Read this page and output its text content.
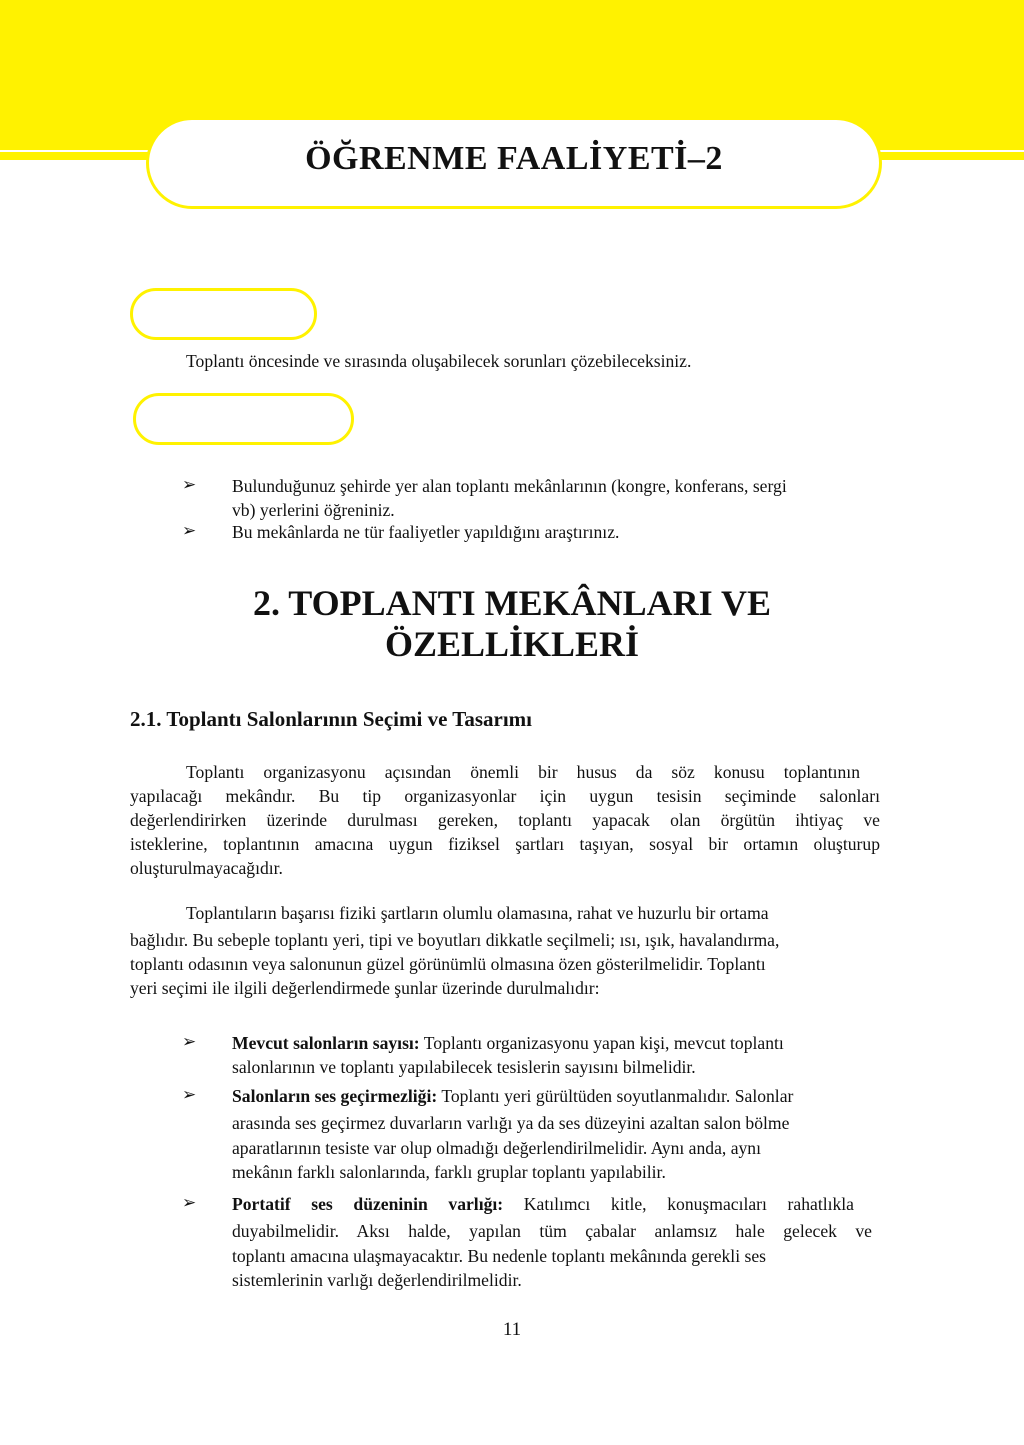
ÖĞRENME FAALİYETİ–2
Toplantı öncesinde ve sırasında oluşabilecek sorunları çözebileceksiniz.
➢ Bulunduğunuz şehirde yer alan toplantı mekânlarının (kongre, konferans, sergi
vb) yerlerini öğreniniz.
➢ Bu mekânlarda ne tür faaliyetler yapıldığını araştırınız.
2. TOPLANTI MEKÂNLARI VE
ÖZELLİKLERİ
2.1. Toplantı Salonlarının Seçimi ve Tasarımı
Toplantı organizasyonu açısından önemli bir husus da söz konusu toplantının
yapılacağı mekândır. Bu tip organizasyonlar için uygun tesisin seçiminde salonları
değerlendirirken üzerinde durulması gereken, toplantı yapacak olan örgütün ihtiyaç ve
isteklerine, toplantının amacına uygun fiziksel şartları taşıyan, sosyal bir ortamın oluşturup
oluşturulmayacağıdır.
Toplantıların başarısı fiziki şartların olumlu olamasına, rahat ve huzurlu bir ortama
bağlıdır. Bu sebeple toplantı yeri, tipi ve boyutları dikkatle seçilmeli; ısı, ışık, havalandırma,
toplantı odasının veya salonunun güzel görünümlü olmasına özen gösterilmelidir. Toplantı
yeri seçimi ile ilgili değerlendirmede şunlar üzerinde durulmalıdır:
➢ Mevcut salonların sayısı: Toplantı organizasyonu yapan kişi, mevcut toplantı
salonlarının ve toplantı yapılabilecek tesislerin sayısını bilmelidir.
➢ Salonların ses geçirmezliği: Toplantı yeri gürültüden soyutlanmalıdır. Salonlar
arasında ses geçirmez duvarların varlığı ya da ses düzeyini azaltan salon bölme
aparatlarının tesiste var olup olmadığı değerlendirilmelidir. Aynı anda, aynı
mekânın farklı salonlarında, farklı gruplar toplantı yapılabilir.
➢ Portatif ses düzeninin varlığı: Katılımcı kitle, konuşmacıları rahatlıkla
duyabilmelidir. Aksı halde, yapılan tüm çabalar anlamsız hale gelecek ve
toplantı amacına ulaşmayacaktır. Bu nedenle toplantı mekânında gerekli ses
sistemlerinin varlığı değerlendirilmelidir.
11
